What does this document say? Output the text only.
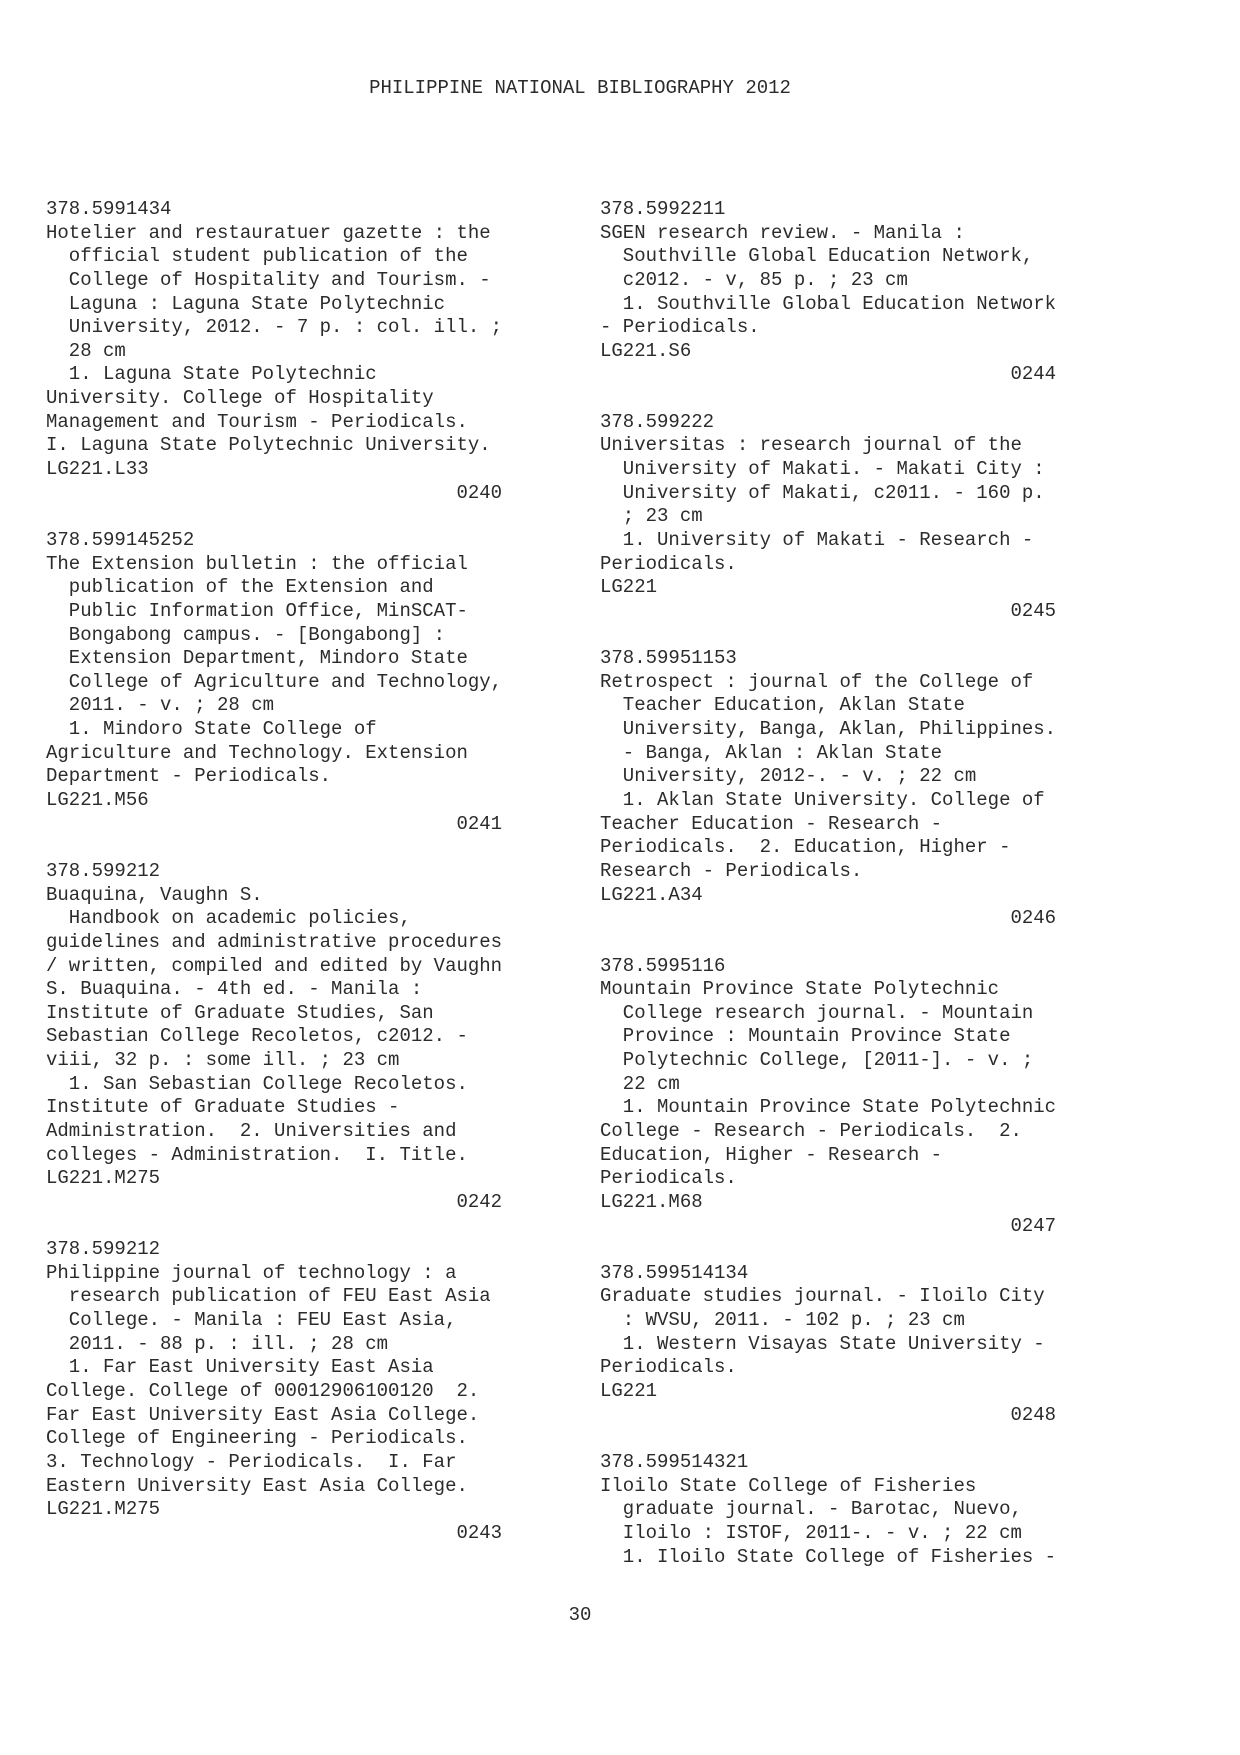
PHILIPPINE NATIONAL BIBLIOGRAPHY 2012
378.5991434
Hotelier and restauratuer gazette : the
official student publication of the
College of Hospitality and Tourism. -
Laguna : Laguna State Polytechnic
University, 2012. - 7 p. : col. ill. ;
28 cm
1. Laguna State Polytechnic
University. College of Hospitality
Management and Tourism - Periodicals.
I. Laguna State Polytechnic University.
LG221.L33
0240
378.599145252
The Extension bulletin : the official
publication of the Extension and
Public Information Office, MinSCAT-
Bongabong campus. - [Bongabong] :
Extension Department, Mindoro State
College of Agriculture and Technology,
2011. - v. ; 28 cm
1. Mindoro State College of
Agriculture and Technology. Extension
Department - Periodicals.
LG221.M56
0241
378.599212
Buaquina, Vaughn S.
Handbook on academic policies,
guidelines and administrative procedures
/ written, compiled and edited by Vaughn
S. Buaquina. - 4th ed. - Manila :
Institute of Graduate Studies, San
Sebastian College Recoletos, c2012. -
viii, 32 p. : some ill. ; 23 cm
1. San Sebastian College Recoletos.
Institute of Graduate Studies -
Administration.  2. Universities and
colleges - Administration.  I. Title.
LG221.M275
0242
378.599212
Philippine journal of technology : a
research publication of FEU East Asia
College. - Manila : FEU East Asia,
2011. - 88 p. : ill. ; 28 cm
1. Far East University East Asia
College. College of 00012906100120  2.
Far East University East Asia College.
College of Engineering - Periodicals.
3. Technology - Periodicals.  I. Far
Eastern University East Asia College.
LG221.M275
0243
378.5992211
SGEN research review. - Manila :
Southville Global Education Network,
c2012. - v, 85 p. ; 23 cm
1. Southville Global Education Network
- Periodicals.
LG221.S6
0244
378.599222
Universitas : research journal of the
University of Makati. - Makati City :
University of Makati, c2011. - 160 p.
; 23 cm
1. University of Makati - Research -
Periodicals.
LG221
0245
378.59951153
Retrospect : journal of the College of
Teacher Education, Aklan State
University, Banga, Aklan, Philippines.
- Banga, Aklan : Aklan State
University, 2012-. - v. ; 22 cm
1. Aklan State University. College of
Teacher Education - Research -
Periodicals.  2. Education, Higher -
Research - Periodicals.
LG221.A34
0246
378.5995116
Mountain Province State Polytechnic
College research journal. - Mountain
Province : Mountain Province State
Polytechnic College, [2011-]. - v. ;
22 cm
1. Mountain Province State Polytechnic
College - Research - Periodicals.  2.
Education, Higher - Research -
Periodicals.
LG221.M68
0247
378.599514134
Graduate studies journal. - Iloilo City
: WVSU, 2011. - 102 p. ; 23 cm
1. Western Visayas State University -
Periodicals.
LG221
0248
378.599514321
Iloilo State College of Fisheries
graduate journal. - Barotac, Nuevo,
Iloilo : ISTOF, 2011-. - v. ; 22 cm
1. Iloilo State College of Fisheries -
30
